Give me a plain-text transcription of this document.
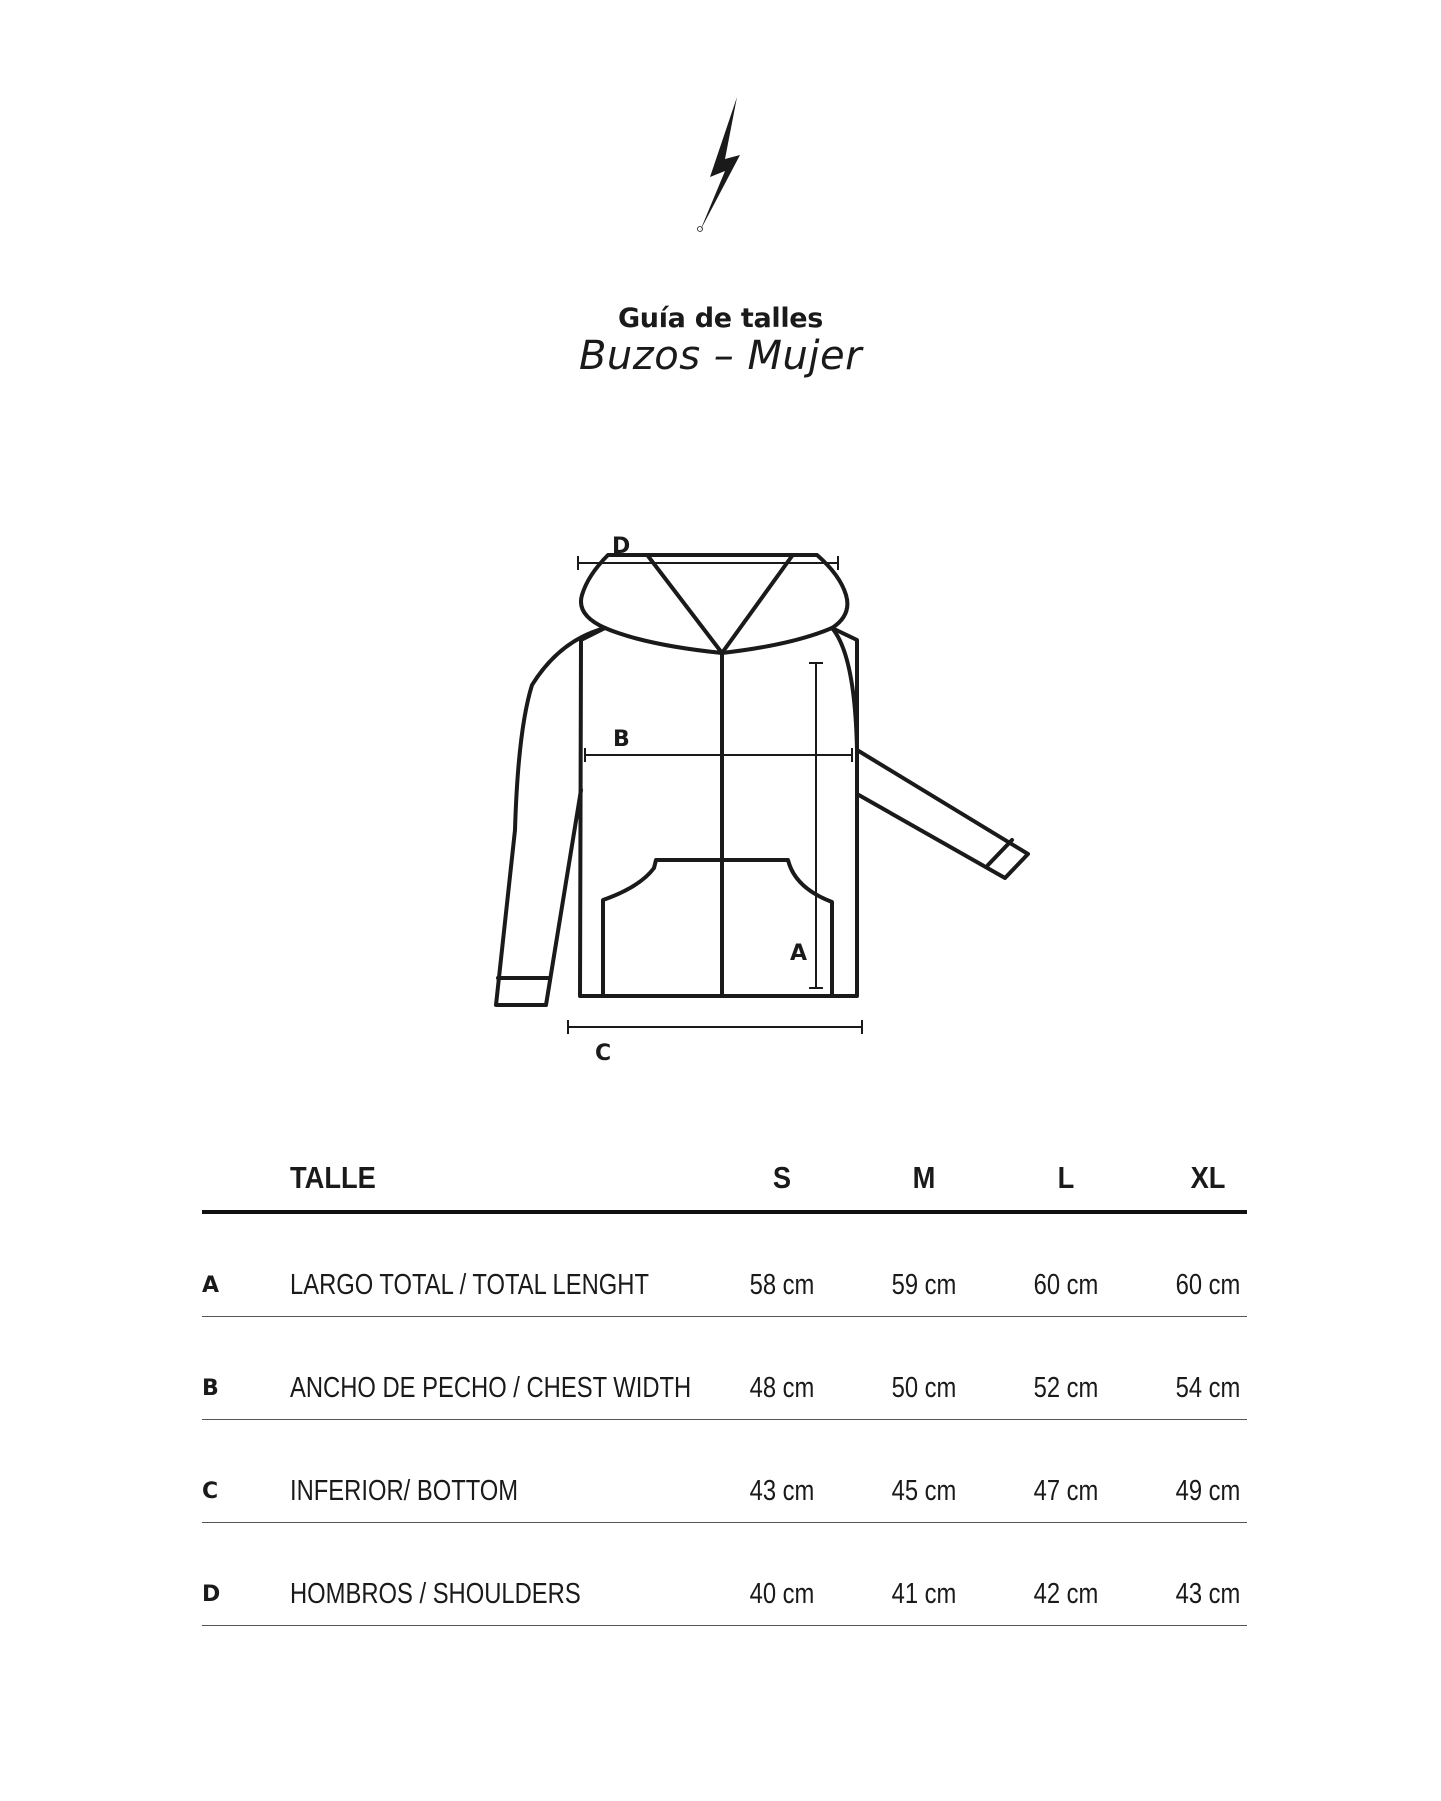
Guía de talles
Buzos – Mujer
D
B
A
C
TALLE	S	M	L	XL
A LARGO TOTAL / TOTAL LENGHT	58 cm	59 cm	60 cm	60 cm
B ANCHO DE PECHO / CHEST WIDTH	48 cm	50 cm	52 cm	54 cm
C INFERIOR/ BOTTOM	43 cm	45 cm	47 cm	49 cm
D HOMBROS / SHOULDERS	40 cm	41 cm	42 cm	43 cm
